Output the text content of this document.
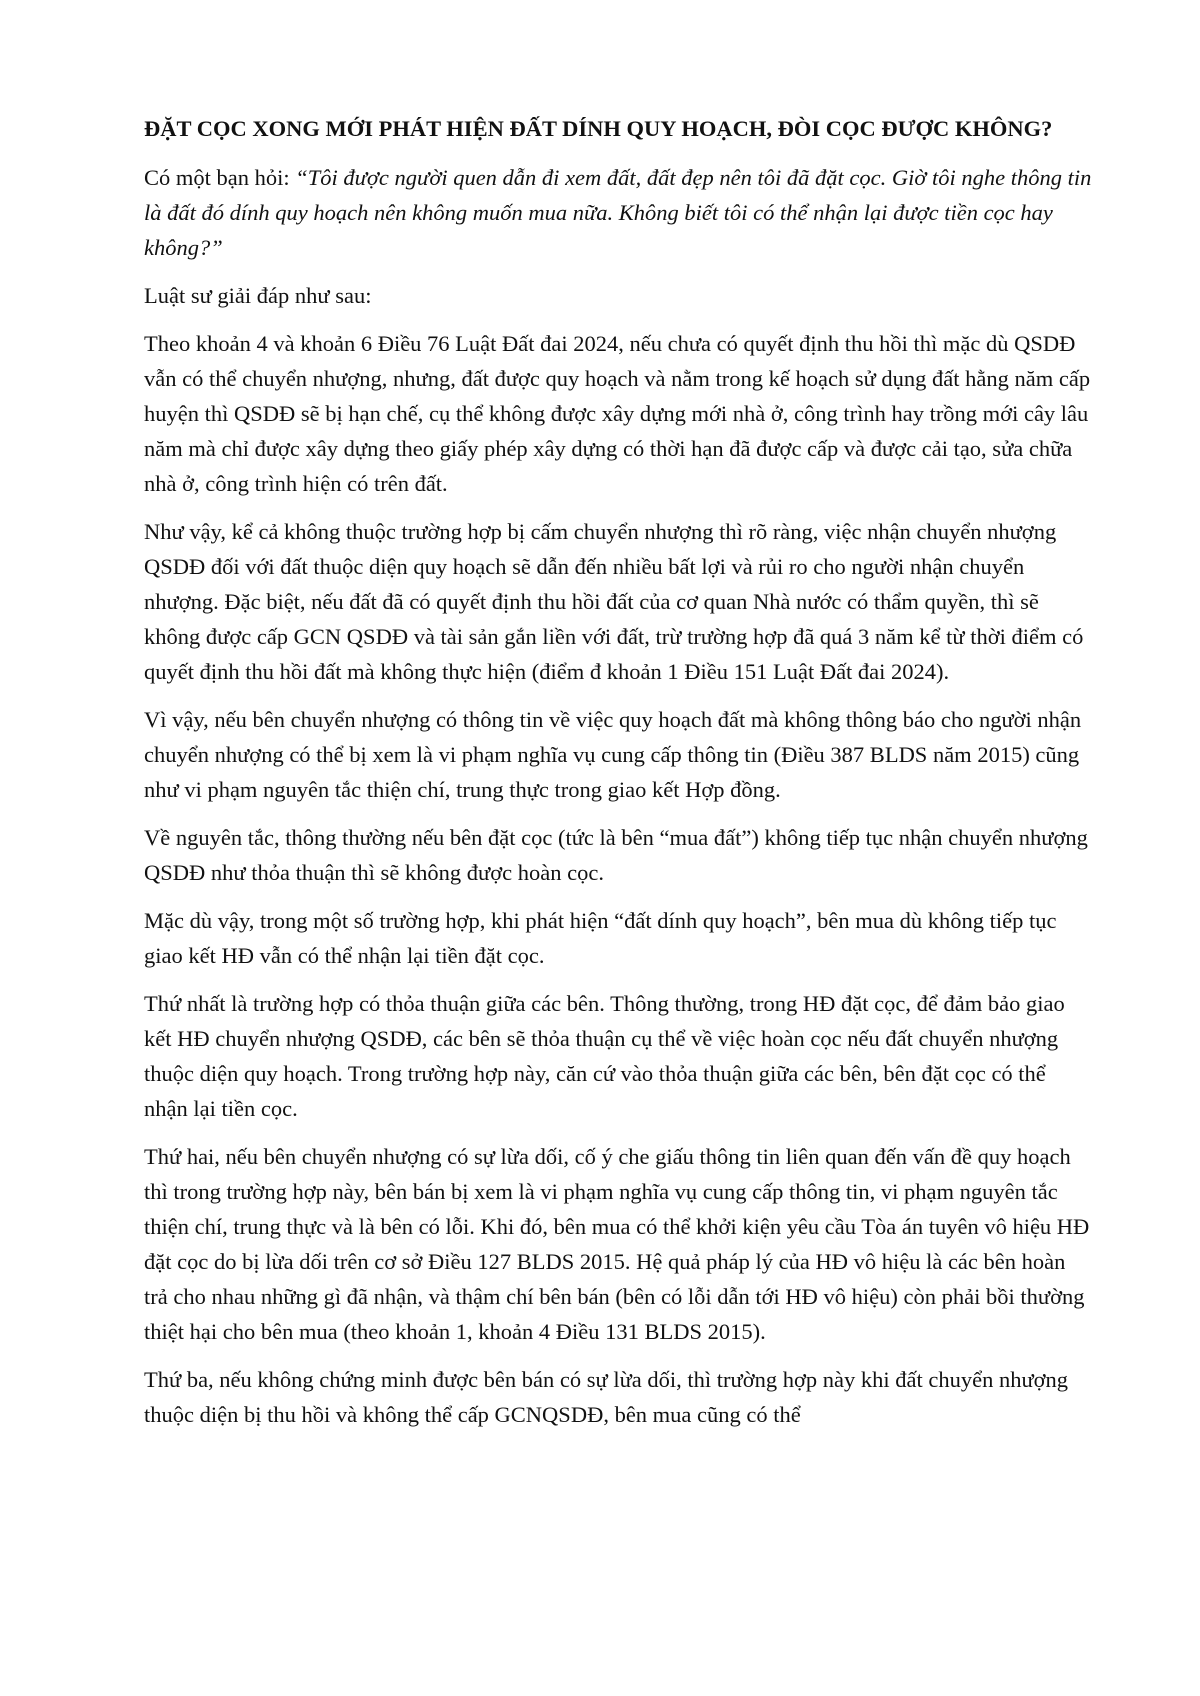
ĐẶT CỌC XONG MỚI PHÁT HIỆN ĐẤT DÍNH QUY HOẠCH, ĐÒI CỌC ĐƯỢC KHÔNG?

Có một bạn hỏi: “Tôi được người quen dẫn đi xem đất, đất đẹp nên tôi đã đặt cọc. Giờ tôi nghe thông tin là đất đó dính quy hoạch nên không muốn mua nữa. Không biết tôi có thể nhận lại được tiền cọc hay không?”

Luật sư giải đáp như sau:

Theo khoản 4 và khoản 6 Điều 76 Luật Đất đai 2024, nếu chưa có quyết định thu hồi thì mặc dù QSDĐ vẫn có thể chuyển nhượng, nhưng, đất được quy hoạch và nằm trong kế hoạch sử dụng đất hằng năm cấp huyện thì QSDĐ sẽ bị hạn chế, cụ thể không được xây dựng mới nhà ở, công trình hay trồng mới cây lâu năm mà chỉ được xây dựng theo giấy phép xây dựng có thời hạn đã được cấp và được cải tạo, sửa chữa nhà ở, công trình hiện có trên đất.

Như vậy, kể cả không thuộc trường hợp bị cấm chuyển nhượng thì rõ ràng, việc nhận chuyển nhượng QSDĐ đối với đất thuộc diện quy hoạch sẽ dẫn đến nhiều bất lợi và rủi ro cho người nhận chuyển nhượng. Đặc biệt, nếu đất đã có quyết định thu hồi đất của cơ quan Nhà nước có thẩm quyền, thì sẽ không được cấp GCN QSDĐ và tài sản gắn liền với đất, trừ trường hợp đã quá 3 năm kể từ thời điểm có quyết định thu hồi đất mà không thực hiện (điểm đ khoản 1 Điều 151 Luật Đất đai 2024).

Vì vậy, nếu bên chuyển nhượng có thông tin về việc quy hoạch đất mà không thông báo cho người nhận chuyển nhượng có thể bị xem là vi phạm nghĩa vụ cung cấp thông tin (Điều 387 BLDS năm 2015) cũng như vi phạm nguyên tắc thiện chí, trung thực trong giao kết Hợp đồng.

Về nguyên tắc, thông thường nếu bên đặt cọc (tức là bên “mua đất”) không tiếp tục nhận chuyển nhượng QSDĐ như thỏa thuận thì sẽ không được hoàn cọc.

Mặc dù vậy, trong một số trường hợp, khi phát hiện “đất dính quy hoạch”, bên mua dù không tiếp tục giao kết HĐ vẫn có thể nhận lại tiền đặt cọc.

Thứ nhất là trường hợp có thỏa thuận giữa các bên. Thông thường, trong HĐ đặt cọc, để đảm bảo giao kết HĐ chuyển nhượng QSDĐ, các bên sẽ thỏa thuận cụ thể về việc hoàn cọc nếu đất chuyển nhượng thuộc diện quy hoạch. Trong trường hợp này, căn cứ vào thỏa thuận giữa các bên, bên đặt cọc có thể nhận lại tiền cọc.

Thứ hai, nếu bên chuyển nhượng có sự lừa dối, cố ý che giấu thông tin liên quan đến vấn đề quy hoạch thì trong trường hợp này, bên bán bị xem là vi phạm nghĩa vụ cung cấp thông tin, vi phạm nguyên tắc thiện chí, trung thực và là bên có lỗi. Khi đó, bên mua có thể khởi kiện yêu cầu Tòa án tuyên vô hiệu HĐ đặt cọc do bị lừa dối trên cơ sở Điều 127 BLDS 2015. Hệ quả pháp lý của HĐ vô hiệu là các bên hoàn trả cho nhau những gì đã nhận, và thậm chí bên bán (bên có lỗi dẫn tới HĐ vô hiệu) còn phải bồi thường thiệt hại cho bên mua (theo khoản 1, khoản 4 Điều 131 BLDS 2015).

Thứ ba, nếu không chứng minh được bên bán có sự lừa dối, thì trường hợp này khi đất chuyển nhượng thuộc diện bị thu hồi và không thể cấp GCNQSDĐ, bên mua cũng có thể
